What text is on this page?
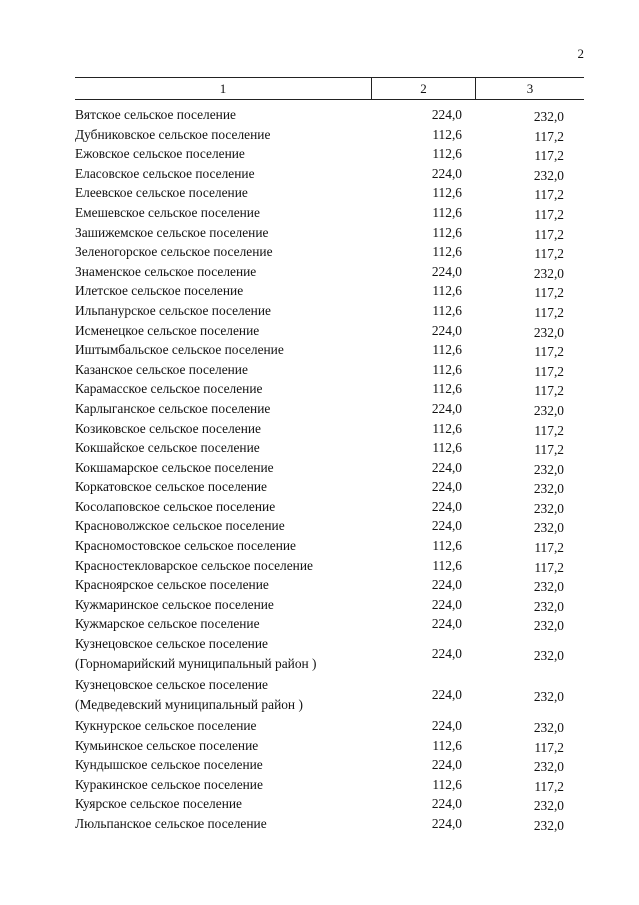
2
1	2	3
Вятское сельское поселение	224,0	232,0
Дубниковское сельское поселение	112,6	117,2
Ежовское сельское поселение	112,6	117,2
Еласовское сельское поселение	224,0	232,0
Елеевское сельское поселение	112,6	117,2
Емешевское сельское поселение	112,6	117,2
Зашижемское сельское поселение	112,6	117,2
Зеленогорское сельское поселение	112,6	117,2
Знаменское сельское поселение	224,0	232,0
Илетское сельское поселение	112,6	117,2
Ильпанурское сельское поселение	112,6	117,2
Исменецкое сельское поселение	224,0	232,0
Иштымбальское сельское поселение	112,6	117,2
Казанское сельское поселение	112,6	117,2
Карамасское сельское поселение	112,6	117,2
Карлыганское сельское поселение	224,0	232,0
Козиковское сельское поселение	112,6	117,2
Кокшайское сельское поселение	112,6	117,2
Кокшамарское сельское поселение	224,0	232,0
Коркатовское сельское поселение	224,0	232,0
Косолаповское сельское поселение	224,0	232,0
Красноволжское сельское поселение	224,0	232,0
Красномостовское сельское поселение	112,6	117,2
Красностекловарское сельское поселение	112,6	117,2
Красноярское сельское поселение	224,0	232,0
Кужмаринское сельское поселение	224,0	232,0
Кужмарское сельское поселение	224,0	232,0
Кузнецовское сельское поселение
(Горномарийский муниципальный район )
224,0	232,0
Кузнецовское сельское поселение
(Медведевский муниципальный район )
224,0	232,0
Кукнурское сельское поселение	224,0	232,0
Кумьинское сельское поселение	112,6	117,2
Кундышское сельское поселение	224,0	232,0
Куракинское сельское поселение	112,6	117,2
Куярское сельское поселение	224,0	232,0
Люльпанское сельское поселение	224,0	232,0
